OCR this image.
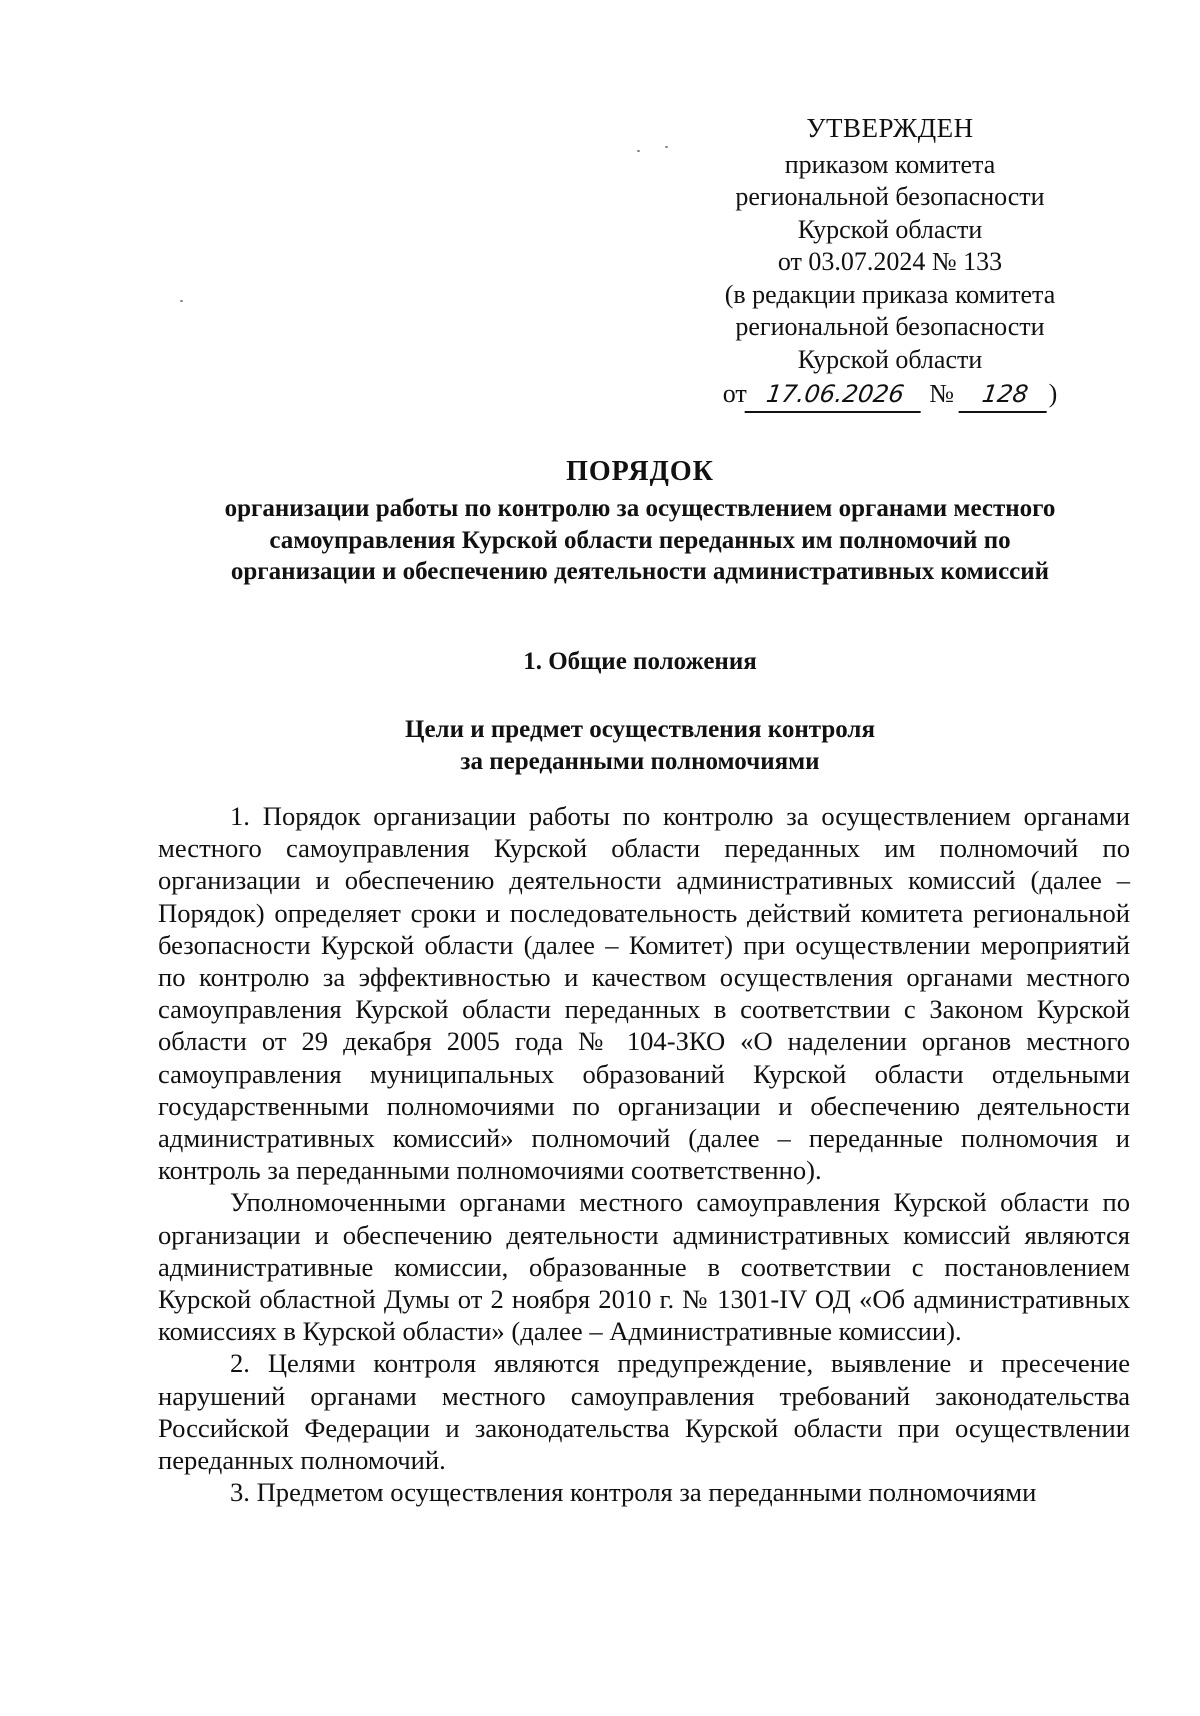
УТВЕРЖДЕН
приказом комитета
региональной безопасности
Курской области
от 03.07.2024 № 133
(в редакции приказа комитета
региональной безопасности
Курской области
от 17.06.2026 № 128 )

ПОРЯДОК

организации работы по контролю за осуществлением органами местного
самоуправления Курской области переданных им полномочий по
организации и обеспечению деятельности административных комиссий

1. Общие положения
Цели и предмет осуществления контроля
за переданными полномочиями

1. Порядок организации работы по контролю за осуществлением органами местного самоуправления Курской области переданных им полномочий по организации и обеспечению деятельности административных комиссий (далее – Порядок) определяет сроки и последовательность действий комитета региональной безопасности Курской области (далее – Комитет) при осуществлении мероприятий по контролю за эффективностью и качеством осуществления органами местного самоуправления Курской области переданных в соответствии с Законом Курской области от 29 декабря 2005 года № 104-ЗКО «О наделении органов местного самоуправления муниципальных образований Курской области отдельными государственными полномочиями по организации и обеспечению деятельности административных комиссий» полномочий (далее – переданные полномочия и контроль за переданными полномочиями соответственно).

Уполномоченными органами местного самоуправления Курской области по организации и обеспечению деятельности административных комиссий являются административные комиссии, образованные в соответствии с постановлением Курской областной Думы от 2 ноября 2010 г. № 1301-IV ОД «Об административных комиссиях в Курской области» (далее – Административные комиссии).

2. Целями контроля являются предупреждение, выявление и пресечение нарушений органами местного самоуправления требований законодательства Российской Федерации и законодательства Курской области при осуществлении переданных полномочий.

3. Предметом осуществления контроля за переданными полномочиями
